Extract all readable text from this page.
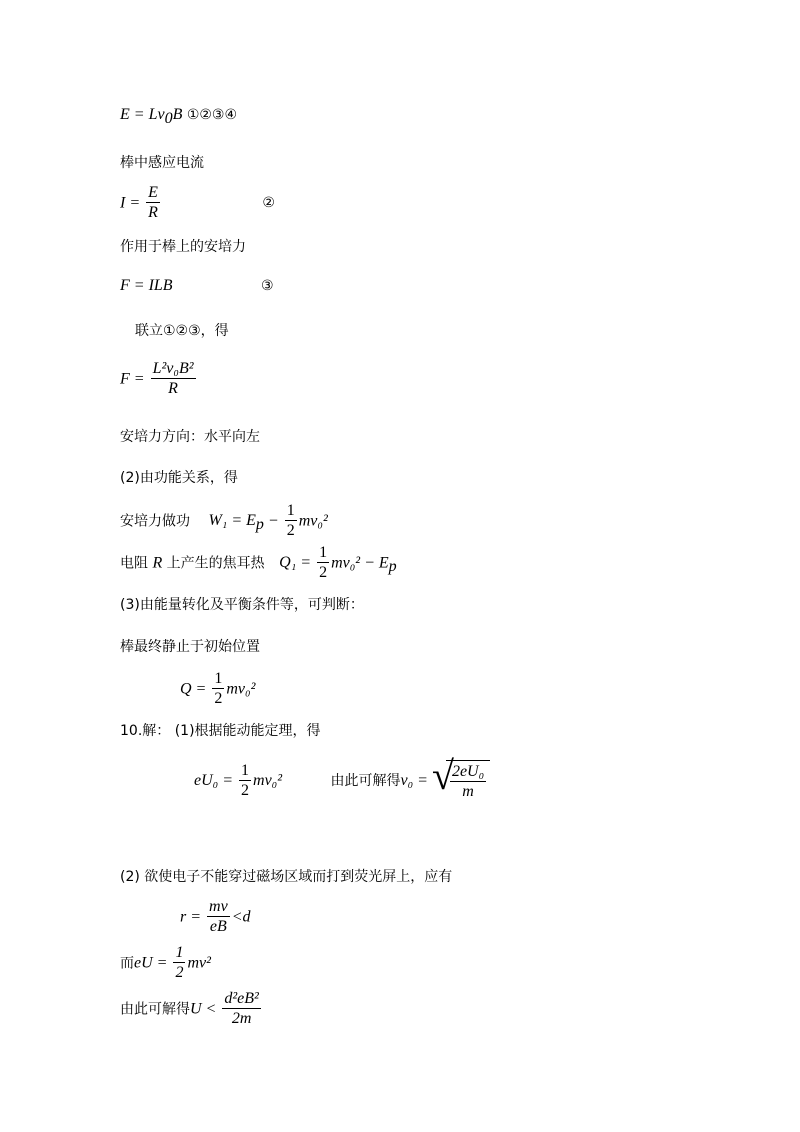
$E = Lv_0B$ ①②③④
棒中感应电流
$I = \frac{E}{R}$	②
作用于棒上的安培力
F = ILB	③
联立①②③，得
$F = \frac{\text{L²v₀B²}}{R}$
安培力方向：水平向左
(2)由功能关系，得
安培力做功 $W_1 = E_p - \frac{1}{2} mv_0^2$
电阻 R 上产生的焦耳热 $Q_1 = \frac{1}{2} mv_0^2 - E_p$
(3)由能量转化及平衡条件等，可判断：
棒最终静止于初始位置
$Q = \frac{1}{2} mv_0^2$
10.解： (1)根据能动能定理，得
$eU_0 = \frac{1}{2} mv_0^2$	由此可解得v₀ = √
$\frac{\text{2eU₀}}{m}$
(2) 欲使电子不能穿过磁场区域而打到荧光屏上，应有
$r = \frac{mv}{eB} <d$
而eU = $\frac{1}{2} mv^2$
由此可解得$U < \frac{\text{d²eB²}}{2m}$
